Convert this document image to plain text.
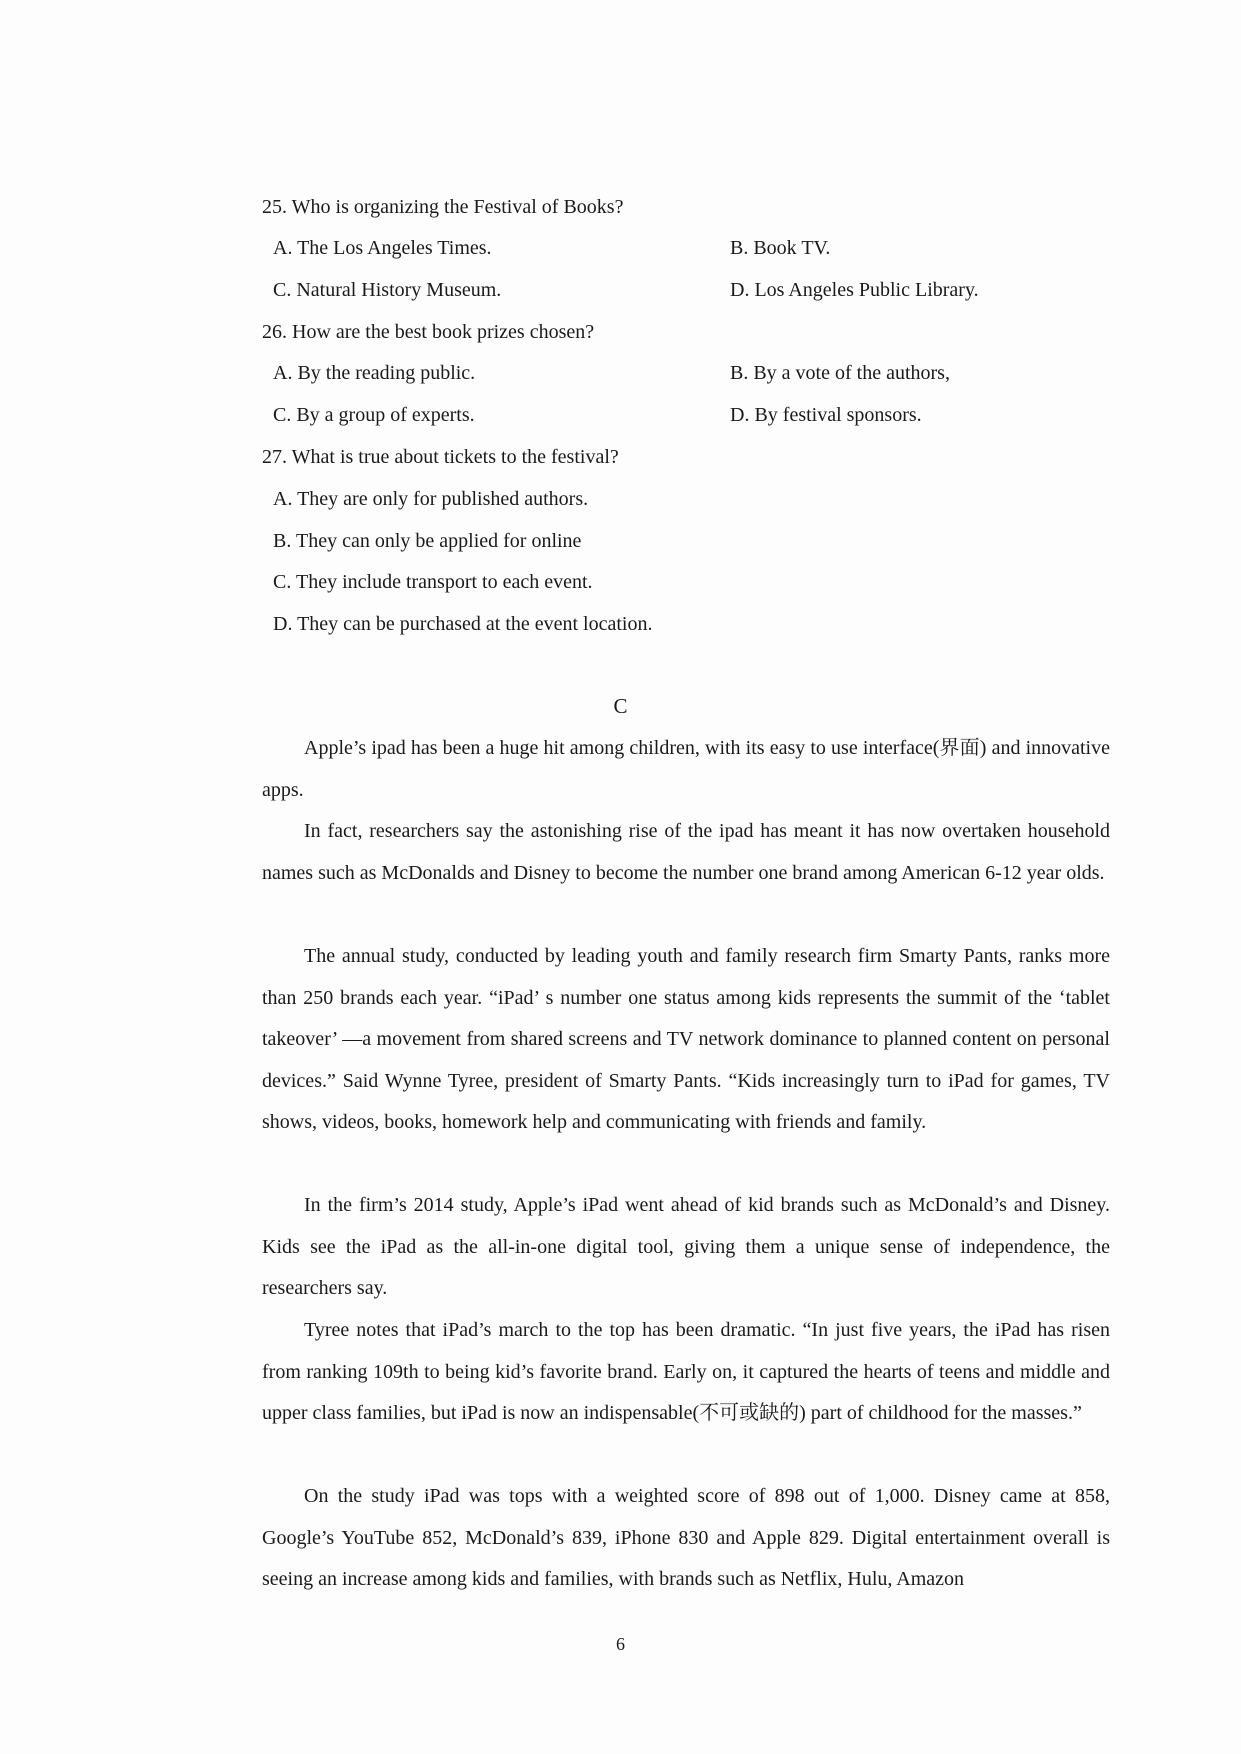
25. Who is organizing the Festival of Books?
A. The Los Angeles Times.	B. Book TV.
C. Natural History Museum.	D. Los Angeles Public Library.
26. How are the best book prizes chosen?
A. By the reading public.	B. By a vote of the authors,
C. By a group of experts.	D. By festival sponsors.
27. What is true about tickets to the festival?
A. They are only for published authors.
B. They can only be applied for online
C. They include transport to each event.
D. They can be purchased at the event location.
C

Apple’s ipad has been a huge hit among children, with its easy to use interface(界面) and innovative apps.

In fact, researchers say the astonishing rise of the ipad has meant it has now overtaken household names such as McDonalds and Disney to become the number one brand among American 6-12 year olds.

The annual study, conducted by leading youth and family research firm Smarty Pants, ranks more than 250 brands each year. “iPad’ s number one status among kids represents the summit of the ‘tablet takeover’ —a movement from shared screens and TV network dominance to planned content on personal devices.” Said Wynne Tyree, president of Smarty Pants. “Kids increasingly turn to iPad for games, TV shows, videos, books, homework help and communicating with friends and family.

In the firm’s 2014 study, Apple’s iPad went ahead of kid brands such as McDonald’s and Disney. Kids see the iPad as the all-in-one digital tool, giving them a unique sense of independence, the researchers say.

Tyree notes that iPad’s march to the top has been dramatic. “In just five years, the iPad has risen from ranking 109th to being kid’s favorite brand. Early on, it captured the hearts of teens and middle and upper class families, but iPad is now an indispensable(不可或缺的) part of childhood for the masses.”

On the study iPad was tops with a weighted score of 898 out of 1,000. Disney came at 858, Google’s YouTube 852, McDonald’s 839, iPhone 830 and Apple 829. Digital entertainment overall is seeing an increase among kids and families, with brands such as Netflix, Hulu, Amazon

6
